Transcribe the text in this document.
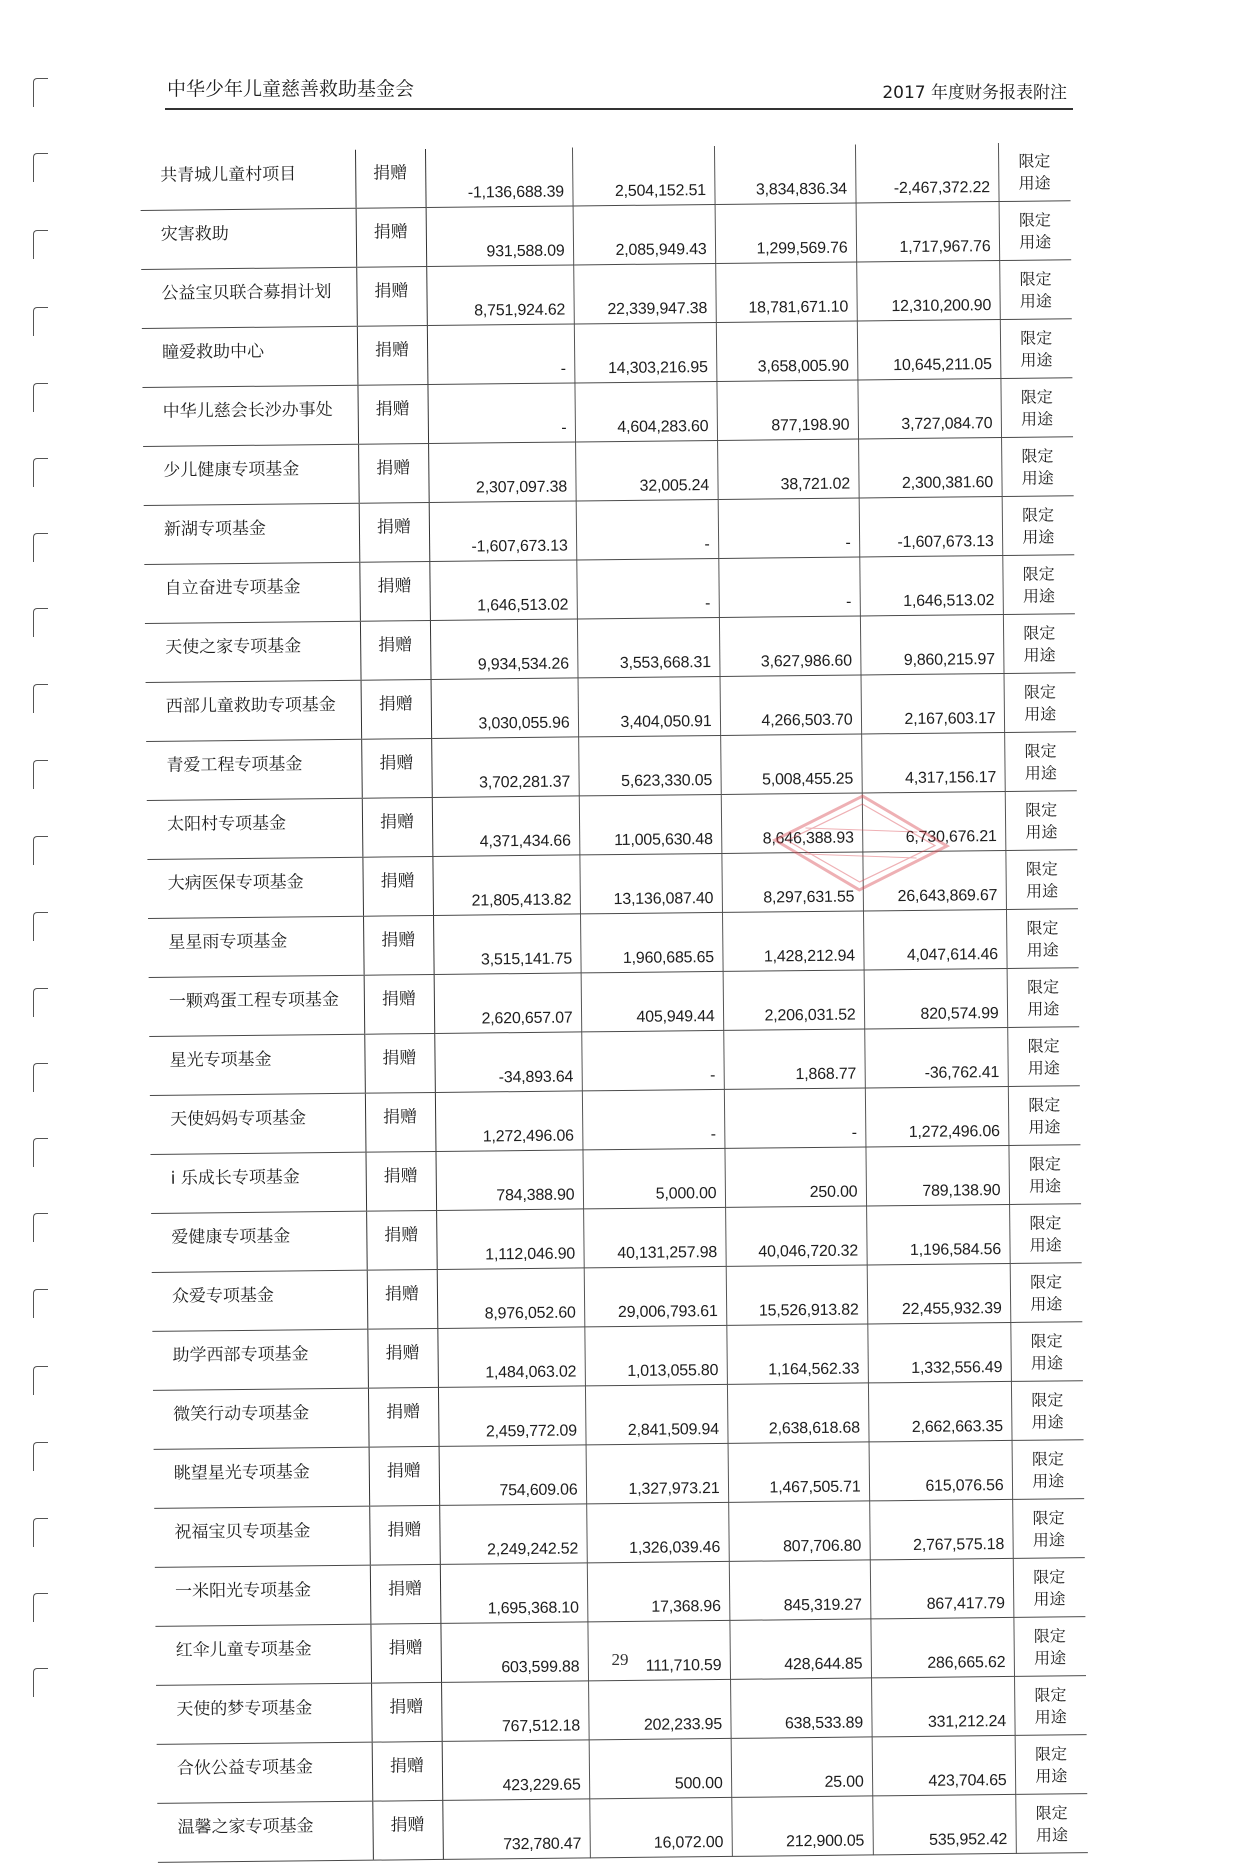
中华少年儿童慈善救助基金会	2017 年度财务报表附注
共青城儿童村项目	捐赠	-1,136,688.39	2,504,152.51	3,834,836.34	-2,467,372.22	限定
用途

灾害救助	捐赠	931,588.09	2,085,949.43	1,299,569.76	1,717,967.76	限定
用途

公益宝贝联合募捐计划	捐赠	8,751,924.62	22,339,947.38	18,781,671.10	12,310,200.90	限定
用途

瞳爱救助中心	捐赠	-	14,303,216.95	3,658,005.90	10,645,211.05	限定
用途

中华儿慈会长沙办事处	捐赠	-	4,604,283.60	877,198.90	3,727,084.70	限定
用途

少儿健康专项基金	捐赠	2,307,097.38	32,005.24	38,721.02	2,300,381.60	限定
用途

新湖专项基金	捐赠	-1,607,673.13	-	-	-1,607,673.13	限定
用途

自立奋进专项基金	捐赠	1,646,513.02	-	-	1,646,513.02	限定
用途

天使之家专项基金	捐赠	9,934,534.26	3,553,668.31	3,627,986.60	9,860,215.97	限定
用途

西部儿童救助专项基金	捐赠	3,030,055.96	3,404,050.91	4,266,503.70	2,167,603.17	限定
用途

青爱工程专项基金	捐赠	3,702,281.37	5,623,330.05	5,008,455.25	4,317,156.17	限定
用途

太阳村专项基金	捐赠	4,371,434.66	11,005,630.48	8,646,388.93	6,730,676.21	限定
用途

大病医保专项基金	捐赠	21,805,413.82	13,136,087.40	8,297,631.55	26,643,869.67	限定
用途

星星雨专项基金	捐赠	3,515,141.75	1,960,685.65	1,428,212.94	4,047,614.46	限定
用途

一颗鸡蛋工程专项基金	捐赠	2,620,657.07	405,949.44	2,206,031.52	820,574.99	限定
用途

星光专项基金	捐赠	-34,893.64	-	1,868.77	-36,762.41	限定
用途

天使妈妈专项基金	捐赠	1,272,496.06	-	-	1,272,496.06	限定
用途

i 乐成长专项基金	捐赠	784,388.90	5,000.00	250.00	789,138.90	限定
用途

爱健康专项基金	捐赠	1,112,046.90	40,131,257.98	40,046,720.32	1,196,584.56	限定
用途

众爱专项基金	捐赠	8,976,052.60	29,006,793.61	15,526,913.82	22,455,932.39	限定
用途

助学西部专项基金	捐赠	1,484,063.02	1,013,055.80	1,164,562.33	1,332,556.49	限定
用途

微笑行动专项基金	捐赠	2,459,772.09	2,841,509.94	2,638,618.68	2,662,663.35	限定
用途

眺望星光专项基金	捐赠	754,609.06	1,327,973.21	1,467,505.71	615,076.56	限定
用途

祝福宝贝专项基金	捐赠	2,249,242.52	1,326,039.46	807,706.80	2,767,575.18	限定
用途

一米阳光专项基金	捐赠	1,695,368.10	17,368.96	845,319.27	867,417.79	限定
用途

红伞儿童专项基金	捐赠	603,599.88	111,710.59	428,644.85	286,665.62	限定
用途

天使的梦专项基金	捐赠	767,512.18	202,233.95	638,533.89	331,212.24	限定
用途

合伙公益专项基金	捐赠	423,229.65	500.00	25.00	423,704.65	限定
用途

温馨之家专项基金	捐赠	732,780.47	16,072.00	212,900.05	535,952.42	限定
用途
29
